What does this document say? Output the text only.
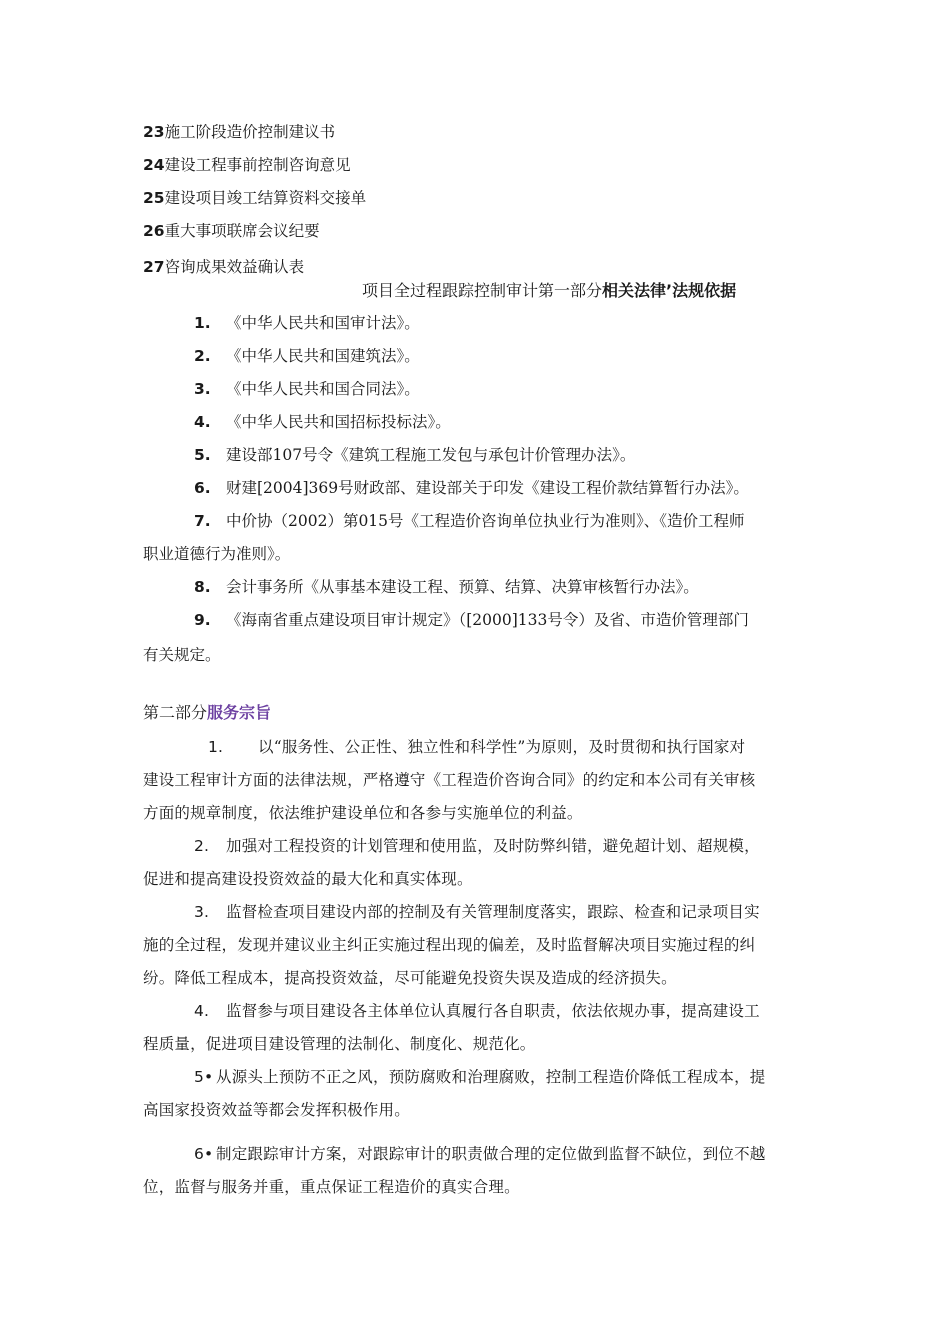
23施工阶段造价控制建议书
24建设工程事前控制咨询意见
25建设项目竣工结算资料交接单
26重大事项联席会议纪要
27咨询成果效益确认表
项目全过程跟踪控制审计第一部分相关法律’法规依据
1. 《中华人民共和国审计法》。
2. 《中华人民共和国建筑法》。
3. 《中华人民共和国合同法》。
4. 《中华人民共和国招标投标法》。
5. 建设部107号令《建筑工程施工发包与承包计价管理办法》。
6. 财建[2004]369号财政部、建设部关于印发《建设工程价款结算暂行办法》。
7. 中价协（2002）第015号《工程造价咨询单位执业行为准则》、《造价工程师
职业道德行为准则》。
8. 会计事务所《从事基本建设工程、预算、结算、决算审核暂行办法》。
9. 《海南省重点建设项目审计规定》（[2000]133号令）及省、市造价管理部门
有关规定。
第二部分服务宗旨
1. 以“服务性、公正性、独立性和科学性”为原则，及时贯彻和执行国家对
建设工程审计方面的法律法规，严格遵守《工程造价咨询合同》的约定和本公司有关审核
方面的规章制度，依法维护建设单位和各参与实施单位的利益。
2. 加强对工程投资的计划管理和使用监，及时防弊纠错，避免超计划、超规模，
促进和提高建设投资效益的最大化和真实体现。
3. 监督检查项目建设内部的控制及有关管理制度落实，跟踪、检查和记录项目实
施的全过程，发现并建议业主纠正实施过程出现的偏差，及时监督解决项目实施过程的纠
纷。降低工程成本，提高投资效益，尽可能避免投资失误及造成的经济损失。
4. 监督参与项目建设各主体单位认真履行各自职责，依法依规办事，提高建设工
程质量，促进项目建设管理的法制化、制度化、规范化。
5• 从源头上预防不正之风，预防腐败和治理腐败，控制工程造价降低工程成本，提
高国家投资效益等都会发挥积极作用。
6• 制定跟踪审计方案，对跟踪审计的职责做合理的定位做到监督不缺位，到位不越
位，监督与服务并重，重点保证工程造价的真实合理。
